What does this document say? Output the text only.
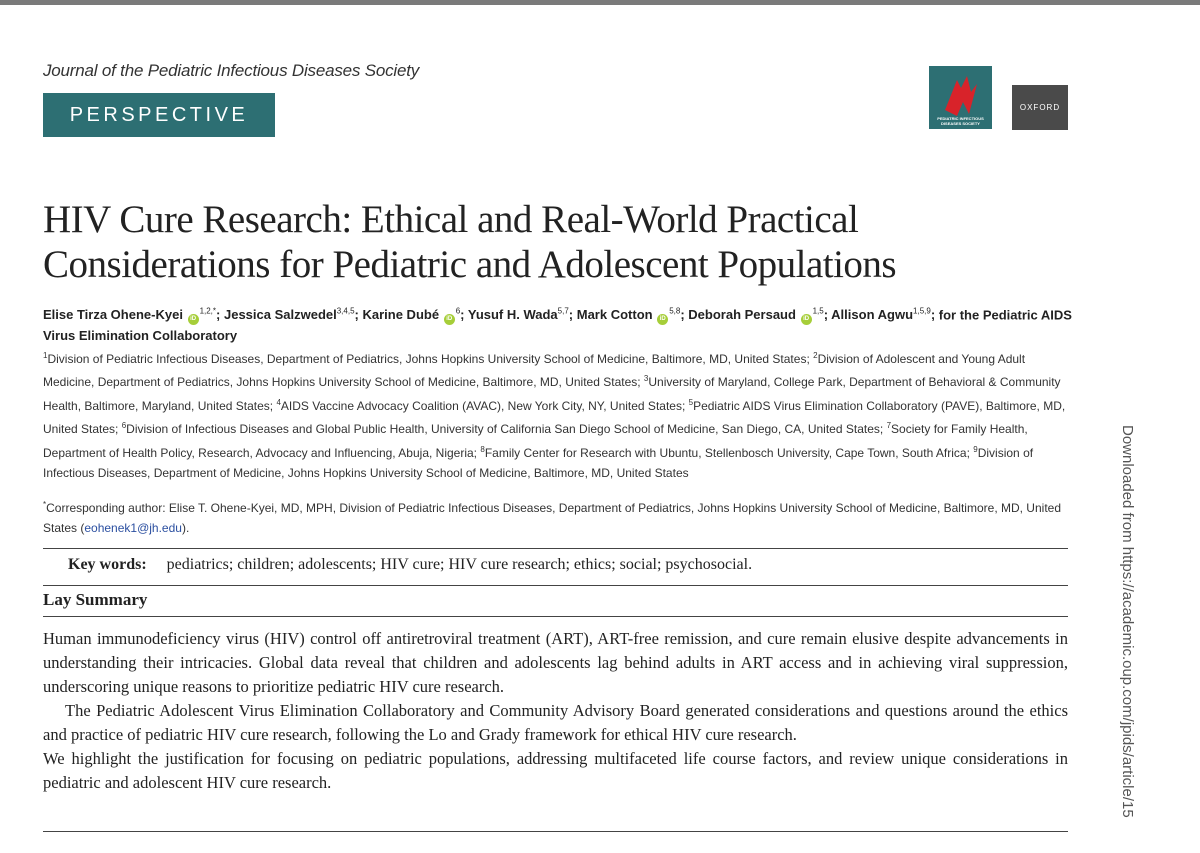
Journal of the Pediatric Infectious Diseases Society
PERSPECTIVE	PEDIATRIC INFECTIOUS DISEASES SOCIETY
OXFORD
HIV Cure Research: Ethical and Real-World Practical
Considerations for Pediatric and Adolescent Populations
Elise Tirza Ohene-Kyei $iD^{1,2,*}$; Jessica Salzwedel$^{3,4,5}$; Karine Dubé $iD^6$; Yusuf H. Wada$^{5,7}$; Mark Cotton iD$^{5,8}$; Deborah Persaud iD$^{1,5}$; Allison Agwu$^{1,5,9}$; for the Pediatric AIDS Virus Elimination Collaboratory
$^1$Division of Pediatric Infectious Diseases, Department of Pediatrics, Johns Hopkins University School of Medicine, Baltimore, MD, United States; $^2$Division of Adolescent and Young Adult Medicine, Department of Pediatrics, Johns Hopkins University School of Medicine, Baltimore, MD, United States; $^3$University of Maryland, College Park, Department of Behavioral & Community Health, Baltimore, Maryland, United States; $^4$AIDS Vaccine Advocacy Coalition (AVAC), New York City, NY, United States; $^5$Pediatric AIDS Virus Elimination Collaboratory (PAVE), Baltimore, MD, United States; $^6$Division of Infectious Diseases and Global Public Health, University of California San Diego School of Medicine, San Diego, CA, United States; $^7$Society for Family Health, Department of Health Policy, Research, Advocacy and Influencing, Abuja, Nigeria; $^8$Family Center for Research with Ubuntu, Stellenbosch University, Cape Town, South Africa; $^9$Division of Infectious Diseases, Department of Medicine, Johns Hopkins University School of Medicine, Baltimore, MD, United States
*Corresponding author: Elise T. Ohene-Kyei, MD, MPH, Division of Pediatric Infectious Diseases, Department of Pediatrics, Johns Hopkins University School of Medicine, Baltimore, MD, United States (eohenek1@jh.edu).
Key words: pediatrics; children; adolescents; HIV cure; HIV cure research; ethics; social; psychosocial.
Lay Summary

Human immunodeficiency virus (HIV) control off antiretroviral treatment (ART), ART-free remission, and cure remain elusive despite advancements in understanding their intricacies. Global data reveal that children and adolescents lag behind adults in ART access and in achieving viral suppression, underscoring unique reasons to prioritize pediatric HIV cure research.

The Pediatric Adolescent Virus Elimination Collaboratory and Community Advisory Board generated considerations and questions around the ethics and practice of pediatric HIV cure research, following the Lo and Grady framework for ethical HIV cure research.

We highlight the justification for focusing on pediatric populations, addressing multifaceted life course factors, and review unique considerations in pediatric and adolescent HIV cure research.	Downloaded from https://academic.oup.com/jpids/article/15
